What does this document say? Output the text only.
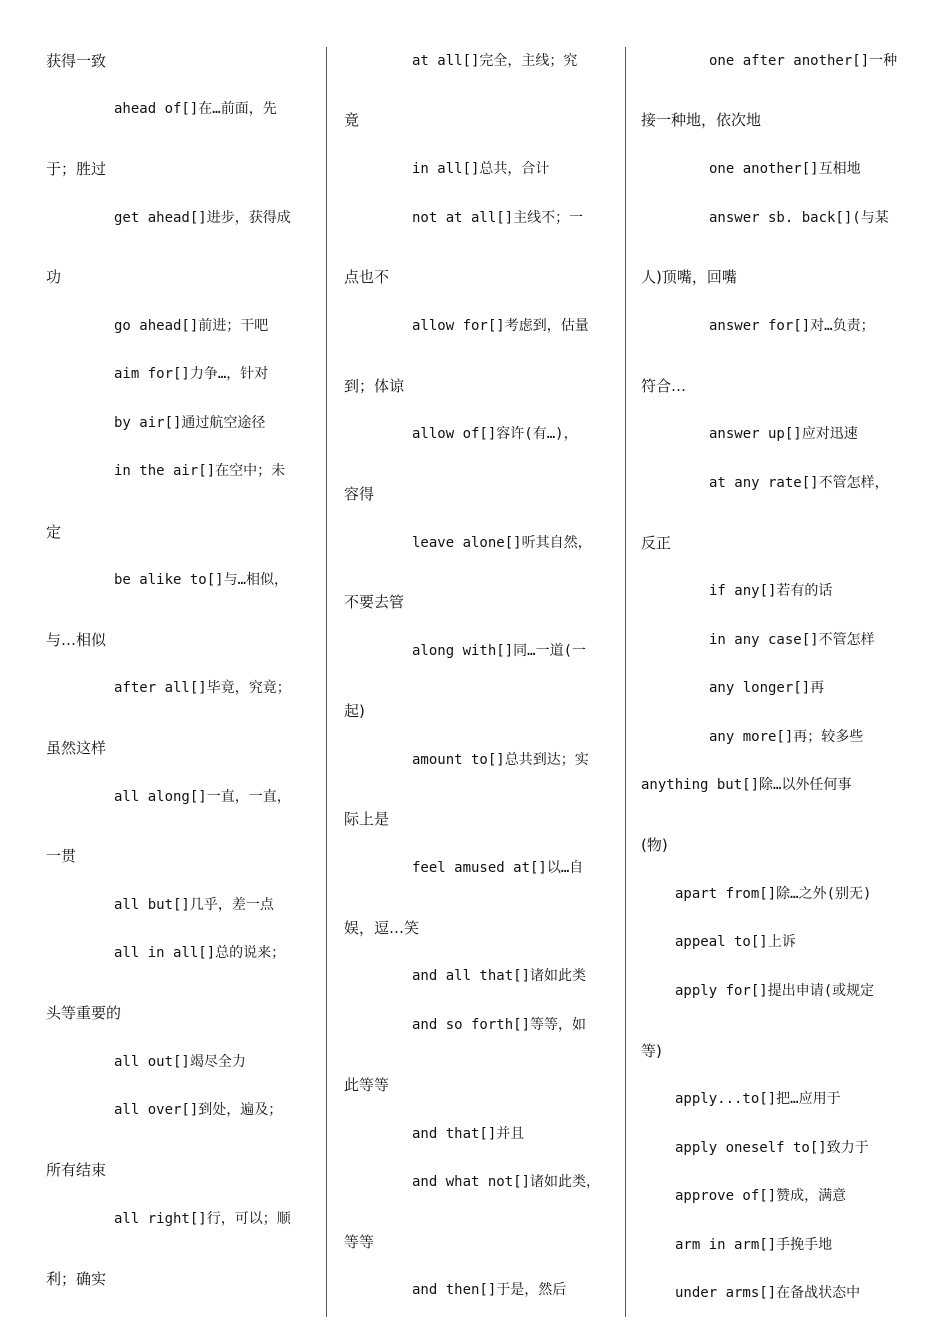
获得一致
ahead of[]在…前面，先
于；胜过
get ahead[]进步，获得成
功
go ahead[]前进；干吧
aim for[]力争…，针对
by air[]通过航空途径
in the air[]在空中；未
定
be alike to[]与…相似，
与…相似
after all[]毕竟，究竟；
虽然这样
all along[]一直，一直，
一贯
all but[]几乎，差一点
all in all[]总的说来；
头等重要的
all out[]竭尽全力
all over[]到处，遍及；
所有结束
all right[]行，可以；顺
利；确实
at all[]完全，主线；究
竟
in all[]总共，合计
not at all[]主线不；一
点也不
allow for[]考虑到，估量
到；体谅
allow of[]容许(有…)，
容得
leave alone[]听其自然，
不要去管
along with[]同…一道(一
起)
amount to[]总共到达；实
际上是
feel amused at[]以…自
娱，逗…笑
and all that[]诸如此类
and so forth[]等等，如
此等等
and that[]并且
and what not[]诸如此类，
等等
and then[]于是，然后
one after another[]一种
接一种地，依次地
one another[]互相地
answer sb. back[](与某
人)顶嘴，回嘴
answer for[]对…负责；
符合…
answer up[]应对迅速
at any rate[]不管怎样，
反正
if any[]若有的话
in any case[]不管怎样
any longer[]再
any more[]再；较多些
anything but[]除…以外任何事
(物)
apart from[]除…之外(别无)
appeal to[]上诉
apply for[]提出申请(或规定
等)
apply...to[]把…应用于
apply oneself to[]致力于
approve of[]赞成，满意
arm in arm[]手挽手地
under arms[]在备战状态中
